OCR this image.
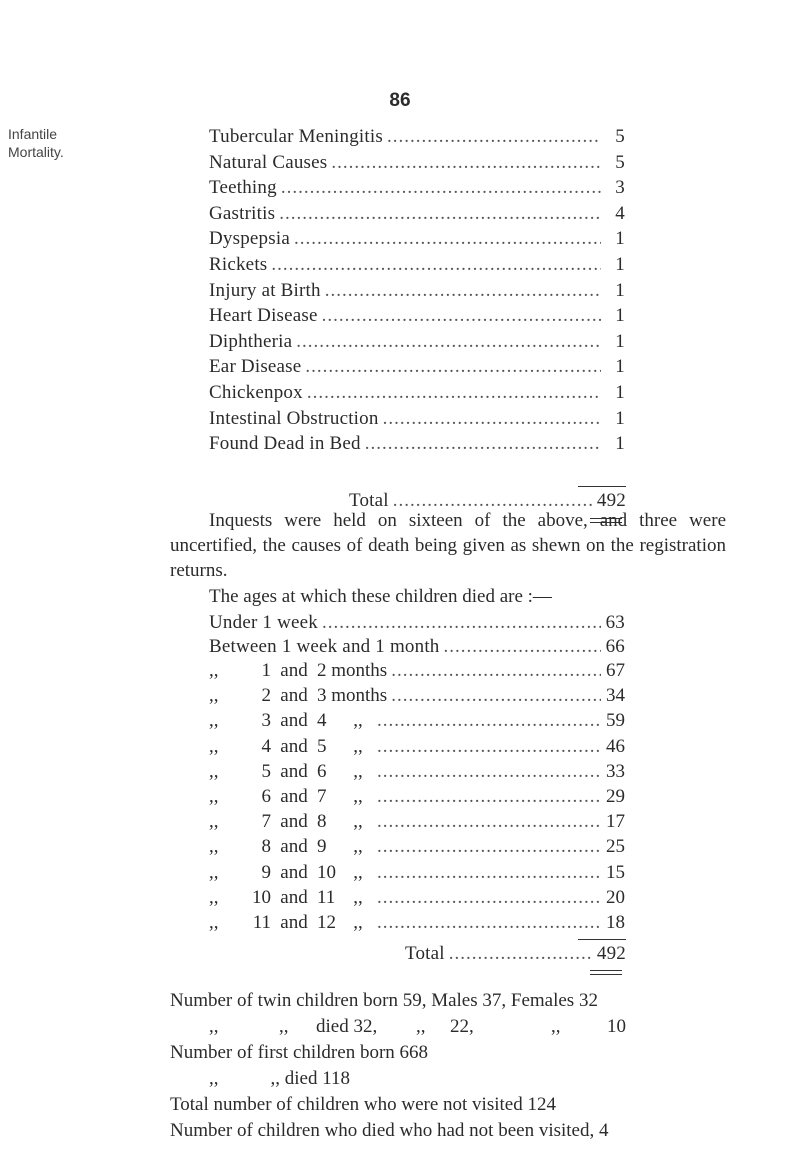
86
Infantile
Mortality.
Tubercular Meningitis .....	5
Natural Causes .....	5
Teething .....	3
Gastritis .....	4
Dyspepsia .....	1
Rickets .....	1
Injury at Birth .....	1
Heart Disease .....	1
Diphtheria .....	1
Ear Disease .....	1
Chickenpox .....	1
Intestinal Obstruction .....	1
Found Dead in Bed .....	1
Total .....	492
Inquests were held on sixteen of the above, and three were uncertified, the causes of death being given as shewn on the registration returns.
The ages at which these children died are :—
Under 1 week .....	63
Between 1 week and 1 month .....	66
,,	1 and 2 months .....	67
,,	2 and 3 months .....	34
,,	3 and 4	,, .....	59
,,	4 and 5	,, .....	46
,,	5 and 6	,, .....	33
,,	6 and 7	,, .....	29
,,	7 and 8	,, .....	17
,,	8 and 9	,, .....	25
,,	9 and 10 ,, .....	15
,,	10 and 11 ,, .....	20
,,	11 and 12 ,, .....	18
Total .....	492
Number of twin children born 59, Males 37, Females 32
,,	,, died 32, ,, 22,	,, 10
Number of first children born 668
,,	,, died 118
Total number of children who were not visited 124
Number of children who died who had not been visited, 4
